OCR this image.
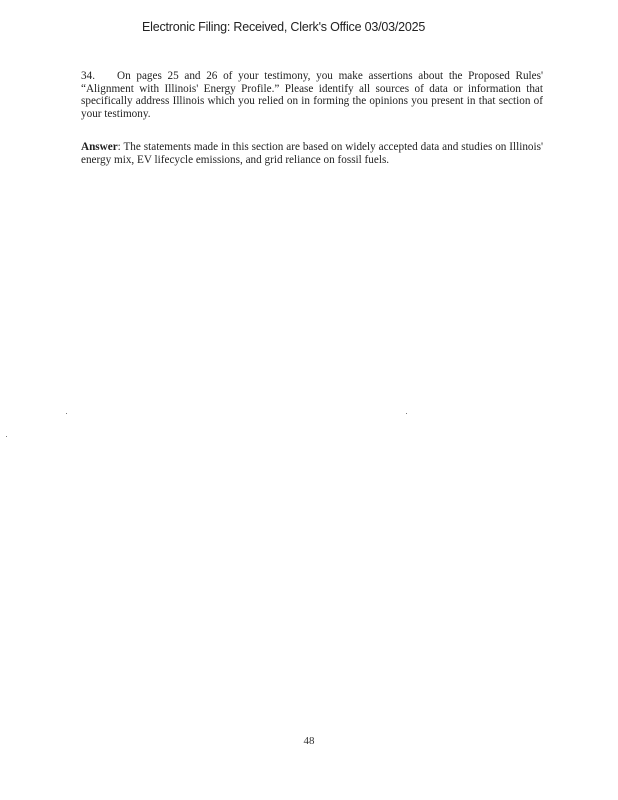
Electronic Filing: Received, Clerk's Office 03/03/2025
34. On pages 25 and 26 of your testimony, you make assertions about the Proposed Rules' “Alignment with Illinois' Energy Profile.” Please identify all sources of data or information that specifically address Illinois which you relied on in forming the opinions you present in that section of your testimony.
Answer: The statements made in this section are based on widely accepted data and studies on Illinois' energy mix, EV lifecycle emissions, and grid reliance on fossil fuels.
48
